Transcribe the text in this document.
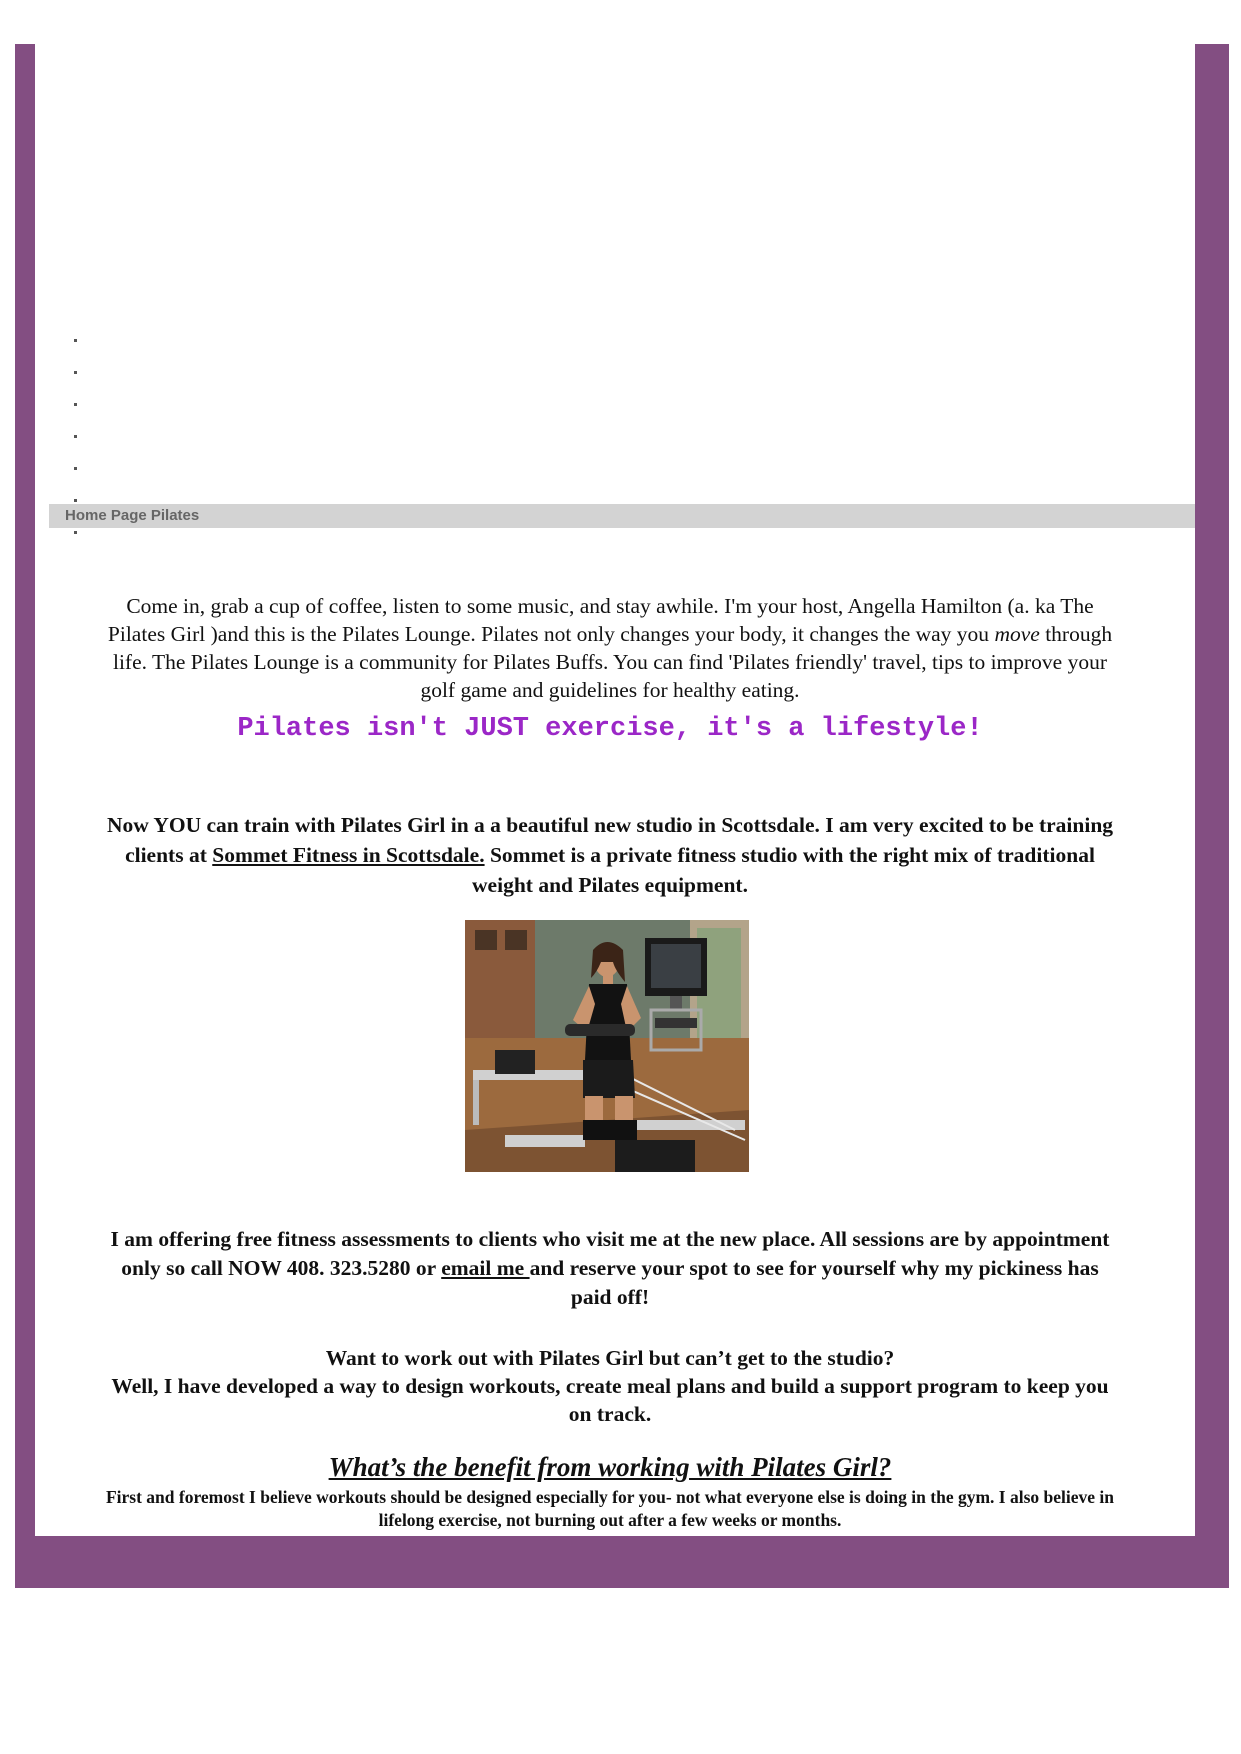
Home Page Pilates

Come in, grab a cup of coffee, listen to some music, and stay awhile. I'm your host, Angella Hamilton (a. ka The Pilates Girl )and this is the Pilates Lounge. Pilates not only changes your body, it changes the way you move through life. The Pilates Lounge is a community for Pilates Buffs. You can find 'Pilates friendly' travel, tips to improve your golf game and guidelines for healthy eating.

Pilates isn't JUST exercise, it's a lifestyle!

Now YOU can train with Pilates Girl in a a beautiful new studio in Scottsdale. I am very excited to be training clients at Sommet Fitness in Scottsdale. Sommet is a private fitness studio with the right mix of traditional weight and Pilates equipment.

I am offering free fitness assessments to clients who visit me at the new place. All sessions are by appointment only so call NOW 408. 323.5280 or email me and reserve your spot to see for yourself why my pickiness has paid off!

Want to work out with Pilates Girl but can’t get to the studio?
Well, I have developed a way to design workouts, create meal plans and build a support program to keep you on track.
What’s the benefit from working with Pilates Girl?

First and foremost I believe workouts should be designed especially for you- not what everyone else is doing in the gym. I also believe in lifelong exercise, not burning out after a few weeks or months.
